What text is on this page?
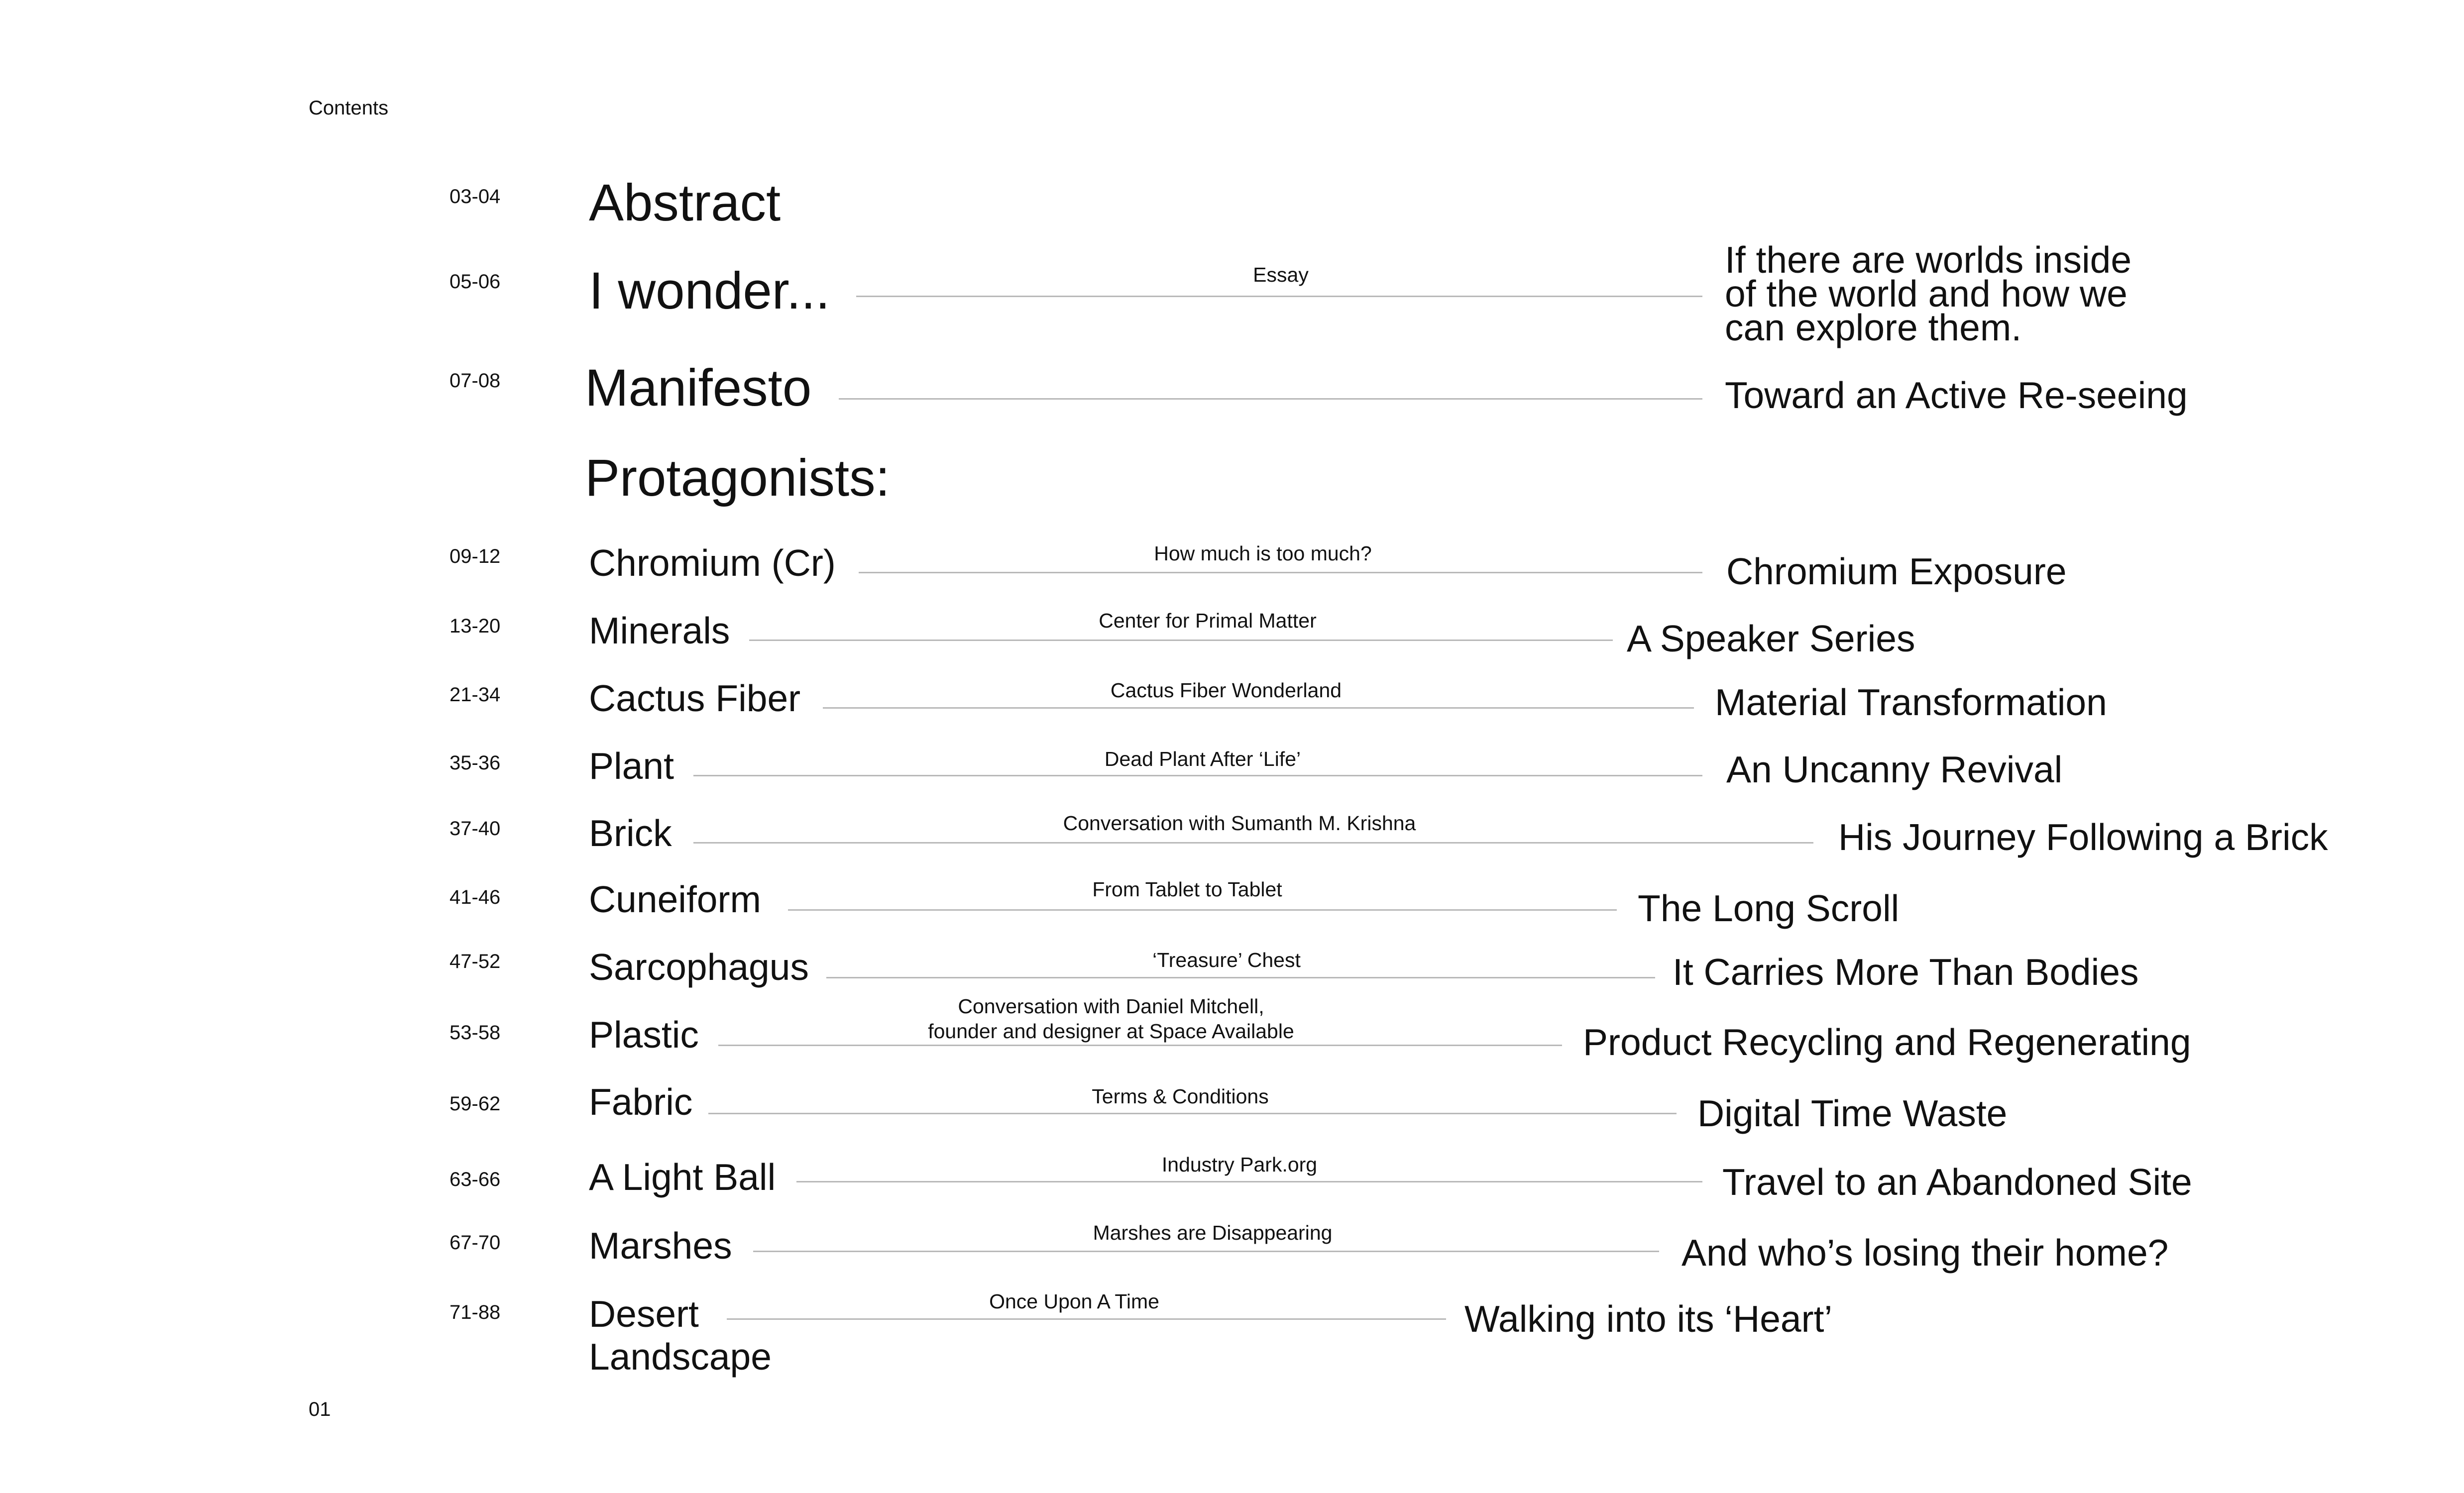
Contents
01
03-04 Abstract
05-06 I wonder...	Essay	If there are worlds inside
of the world and how we
can explore them.
07-08 Manifesto	Toward an Active Re-seeing
Protagonists:
09-12 Chromium (Cr)	How much is too much?	Chromium Exposure
13-20 Minerals	Center for Primal Matter	A Speaker Series
21-34 Cactus Fiber	Cactus Fiber Wonderland	Material Transformation
35-36 Plant	Dead Plant After ‘Life’	An Uncanny Revival
37-40 Brick	Conversation with Sumanth M. Krishna	His Journey Following a Brick
41-46 Cuneiform	From Tablet to Tablet	The Long Scroll
47-52 Sarcophagus	‘Treasure’ Chest	It Carries More Than Bodies
53-58 Plastic
Conversation with Daniel Mitchell,
founder and designer at Space Available	Product Recycling and Regenerating
59-62 Fabric	Terms & Conditions	Digital Time Waste
63-66 A Light Ball	Industry Park.org	Travel to an Abandoned Site
67-70 Marshes	Marshes are Disappearing	And who’s losing their home?
71-88 Desert
Landscape
Once Upon A Time	Walking into its ‘Heart’
